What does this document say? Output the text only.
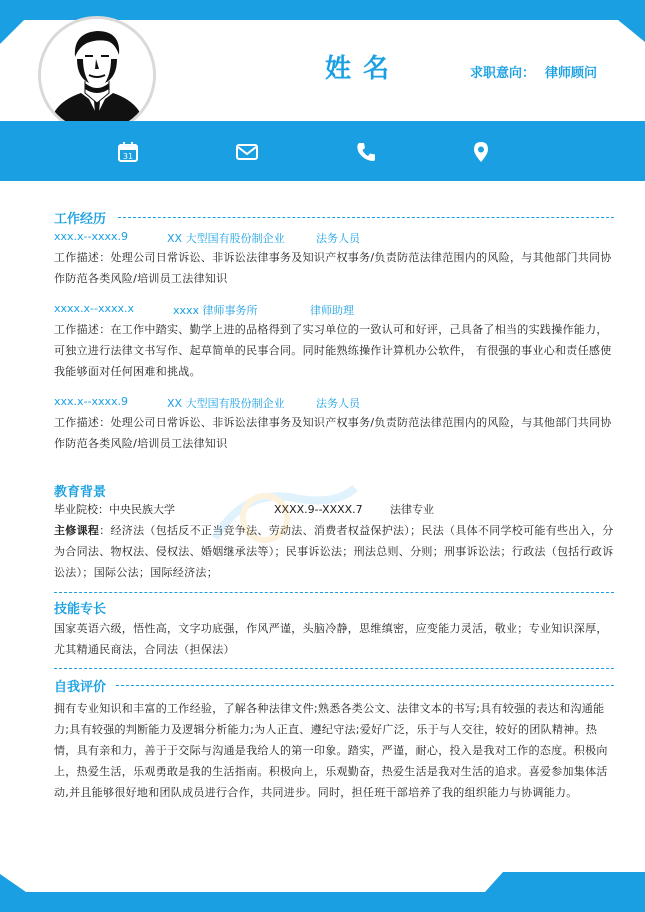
姓名	求职意向： 律师顾问
31
工作经历
xxx.x--xxxx.9	XX 大型国有股份制企业	法务人员

工作描述：处理公司日常诉讼、非诉讼法律事务及知识产权事务/负责防范法律范围内的风险，与其他部门共同协作防范各类风险/培训员工法律知识

xxxx.x--xxxx.x	xxxx 律师事务所	律师助理

工作描述：在工作中踏实、勤学上进的品格得到了实习单位的一致认可和好评，己具备了相当的实践操作能力，可独立进行法律文书写作、起草简单的民事合同。同时能熟练操作计算机办公软件， 有很强的事业心和责任感使我能够面对任何困难和挑战。

xxx.x--xxxx.9	XX 大型国有股份制企业	法务人员

工作描述：处理公司日常诉讼、非诉讼法律事务及知识产权事务/负责防范法律范围内的风险，与其他部门共同协作防范各类风险/培训员工法律知识

教育背景
毕业院校：中央民族大学	XXXX.9--XXXX.7 法律专业

主修课程：经济法（包括反不正当竞争法、劳动法、消费者权益保护法）；民法（具体不同学校可能有些出入，分为合同法、物权法、侵权法、婚姻继承法等）；民事诉讼法；刑法总则、分则；刑事诉讼法；行政法（包括行政诉讼法）；国际公法；国际经济法；

技能专长

国家英语六级，悟性高，文字功底强，作风严谨，头脑冷静，思维缜密，应变能力灵活，敬业；专业知识深厚，尤其精通民商法，合同法（担保法）

自我评价

拥有专业知识和丰富的工作经验，了解各种法律文件;熟悉各类公文、法律文本的书写;具有较强的表达和沟通能力;具有较强的判断能力及逻辑分析能力;为人正直、遵纪守法;爱好广泛，乐于与人交往，较好的团队精神。热情，具有亲和力，善于于交际与沟通是我给人的第一印象。踏实，严谨，耐心，投入是我对工作的态度。积极向上，热爱生活，乐观勇敢是我的生活指南。积极向上，乐观勤奋，热爱生活是我对生活的追求。喜爱参加集体活动,并且能够很好地和团队成员进行合作，共同进步。同时，担任班干部培养了我的组织能力与协调能力。
